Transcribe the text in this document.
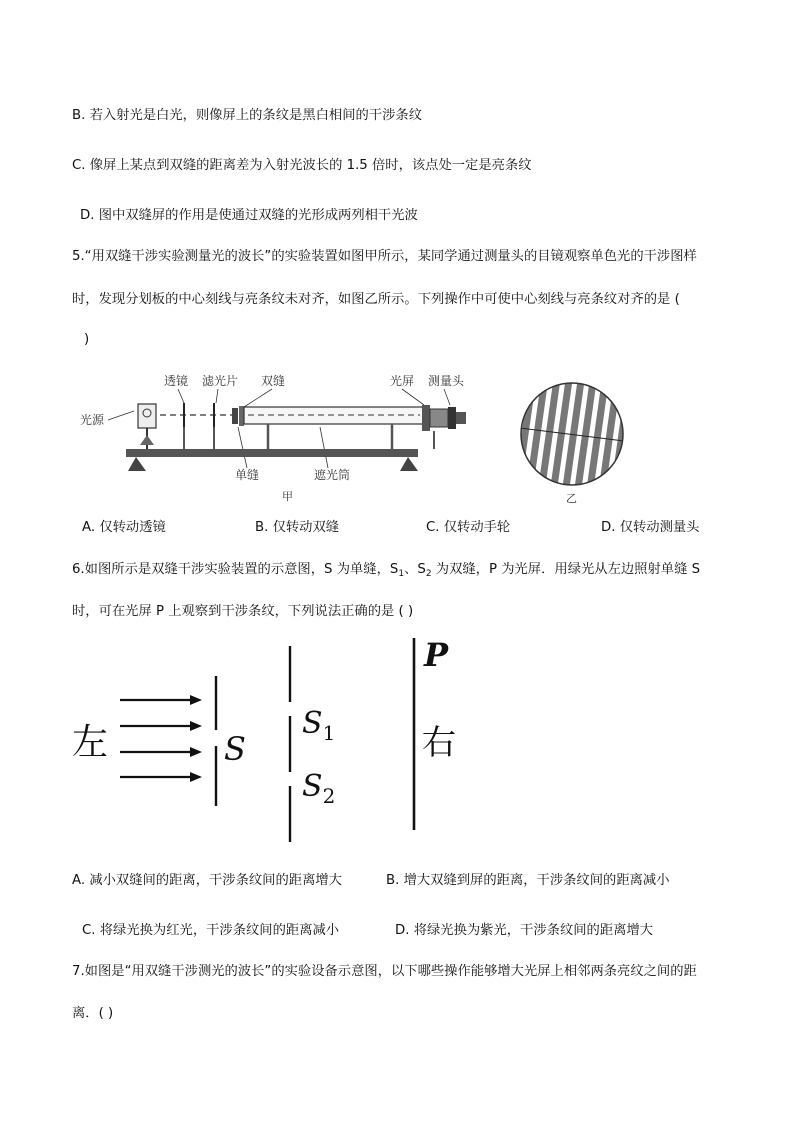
B. 若入射光是白光，则像屏上的条纹是黑白相间的干涉条纹
C. 像屏上某点到双缝的距离差为入射光波长的 1.5 倍时，该点处一定是亮条纹
D. 图中双缝屏的作用是使通过双缝的光形成两列相干光波
5.“用双缝干涉实验测量光的波长”的实验装置如图甲所示，某同学通过测量头的目镜观察单色光的干涉图样
时，发现分划板的中心刻线与亮条纹未对齐，如图乙所示。下列操作中可使中心刻线与亮条纹对齐的是 (
)
透镜 滤光片 双缝	光屏 测量头
光源
单缝	遮光筒
甲	乙
A. 仅转动透镜	B. 仅转动双缝	C. 仅转动手轮	D. 仅转动测量头
6.如图所示是双缝干涉实验装置的示意图，S 为单缝，$S_1$、$S_2$ 为双缝，P 为光屏．用绿光从左边照射单缝 S
时，可在光屏 P 上观察到干涉条纹，下列说法正确的是 ( )
左	S
$S_1$
$S_2$
P
右
A. 减小双缝间的距离，干涉条纹间的距离增大	B. 增大双缝到屏的距离，干涉条纹间的距离减小
C. 将绿光换为红光，干涉条纹间的距离减小	D. 将绿光换为紫光，干涉条纹间的距离增大
7.如图是“用双缝干涉测光的波长”的实验设备示意图，以下哪些操作能够增大光屏上相邻两条亮纹之间的距
离．( )
